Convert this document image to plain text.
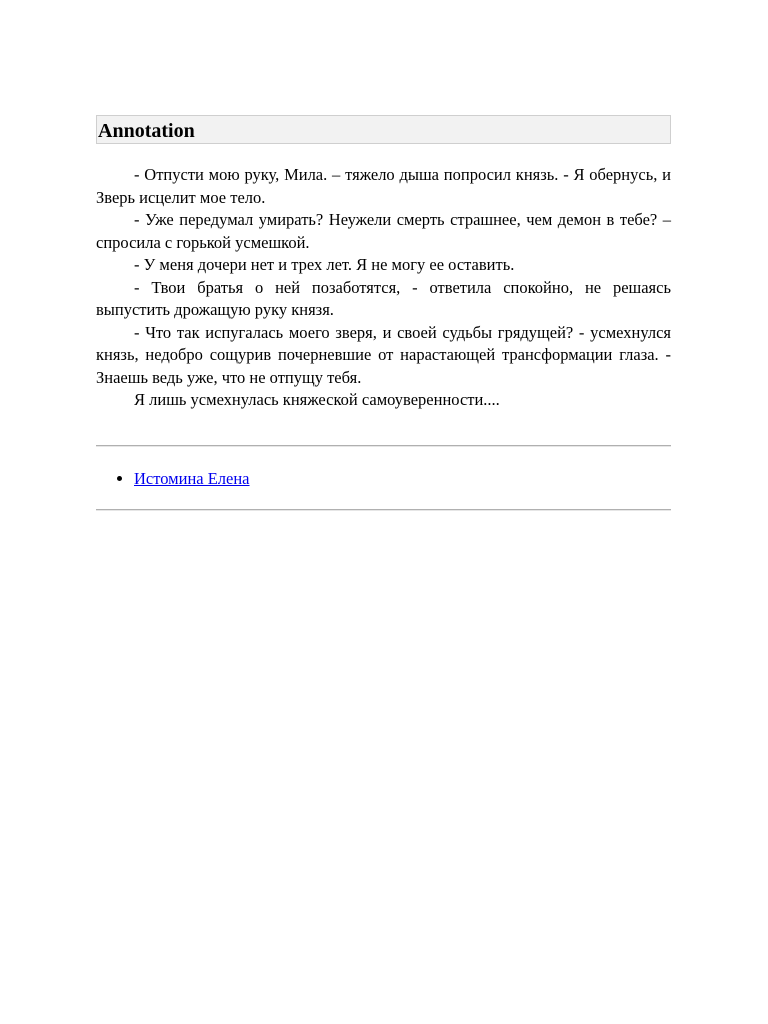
Annotation

- Отпусти мою руку, Мила. – тяжело дыша попросил князь. - Я обернусь, и Зверь исцелит мое тело.

- Уже передумал умирать? Неужели смерть страшнее, чем демон в тебе? – спросила с горькой усмешкой.

- У меня дочери нет и трех лет. Я не могу ее оставить.

- Твои братья о ней позаботятся, - ответила спокойно, не решаясь выпустить дрожащую руку князя.

- Что так испугалась моего зверя, и своей судьбы грядущей? - усмехнулся князь, недобро сощурив почерневшие от нарастающей трансформации глаза. - Знаешь ведь уже, что не отпущу тебя.

Я лишь усмехнулась княжеской самоуверенности....

• Истомина Елена
